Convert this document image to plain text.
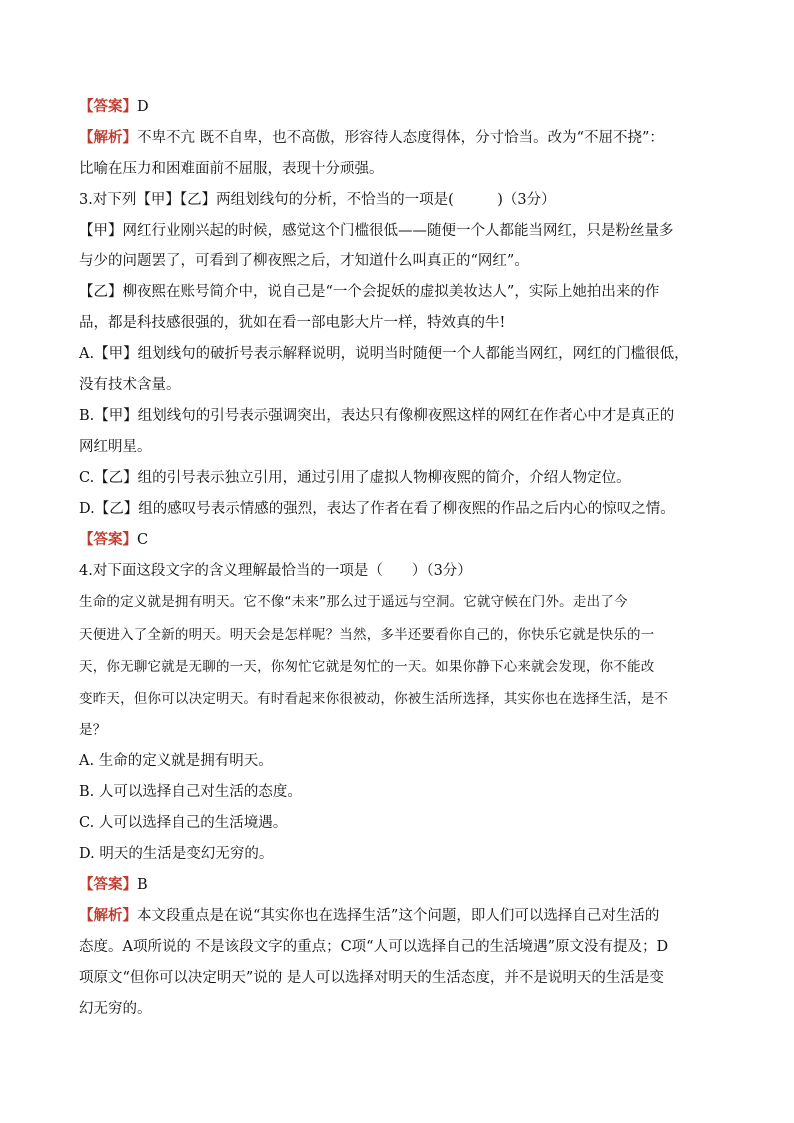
【答案】D
【解析】不卑不亢 既不自卑，也不高傲，形容待人态度得体，分寸恰当。改为“不屈不挠”：
比喻在压力和困难面前不屈服，表现十分顽强。
3.对下列【甲】【乙】两组划线句的分析，不恰当的一项是(　　　)（3分）
【甲】网红行业刚兴起的时候，感觉这个门槛很低——随便一个人都能当网红，只是粉丝量多
与少的问题罢了，可看到了柳夜熙之后，才知道什么叫真正的“网红”。
【乙】柳夜熙在账号简介中，说自己是“一个会捉妖的虚拟美妆达人”，实际上她拍出来的作
品，都是科技感很强的，犹如在看一部电影大片一样，特效真的牛!
A.【甲】组划线句的破折号表示解释说明，说明当时随便一个人都能当网红，网红的门槛很低，
没有技术含量。
B.【甲】组划线句的引号表示强调突出，表达只有像柳夜熙这样的网红在作者心中才是真正的
网红明星。
C.【乙】组的引号表示独立引用，通过引用了虚拟人物柳夜熙的简介，介绍人物定位。
D.【乙】组的感叹号表示情感的强烈，表达了作者在看了柳夜熙的作品之后内心的惊叹之情。
【答案】C
4.对下面这段文字的含义理解最恰当的一项是（　　）（3分）
生命的定义就是拥有明天。它不像“未来”那么过于遥远与空洞。它就守候在门外。走出了今
天便进入了全新的明天。明天会是怎样呢？当然，多半还要看你自己的，你快乐它就是快乐的一
天，你无聊它就是无聊的一天，你匆忙它就是匆忙的一天。如果你静下心来就会发现，你不能改
变昨天，但你可以决定明天。有时看起来你很被动，你被生活所选择，其实你也在选择生活，是不
是？
A. 生命的定义就是拥有明天。
B. 人可以选择自己对生活的态度。
C. 人可以选择自己的生活境遇。
D. 明天的生活是变幻无穷的。
【答案】B
【解析】本文段重点是在说“其实你也在选择生活”这个问题，即人们可以选择自己对生活的
态度。A项所说的 不是该段文字的重点；C项“人可以选择自己的生活境遇”原文没有提及；D
项原文“但你可以决定明天”说的 是人可以选择对明天的生活态度，并不是说明天的生活是变
幻无穷的。
